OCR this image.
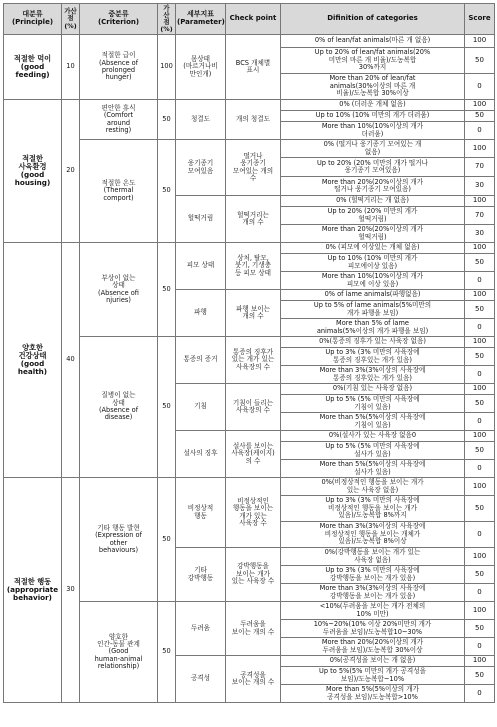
대분류
(Principle)	가산
점
(%)	중분류
(Criterion)	가
산
점
(%)	세부지표
(Parameter)	Check point	Difinition of categories	Score
적절한 먹이
(good
feeding)	10	적절한 급이
(Absence of
prolonged
hunger)	100	몸상태
(마르거나비
만인개)	BCS 개체별
표시	0% of lean/fat animals(마른 개 없음)	100
						Up to 20% of lean/fat animals(20%
미만의 마른 개 비율)/도농복합
30%까지	50
						More than 20% of lean/fat
animals(30%이상의 마른 개
비율)/도농복합 30%이상	0
적절한
사육환경
(good
housing)	20	편안한 휴식
(Comfort
around
resting)	50	청결도	개의 청결도	0% (더러운 개체 없음)	100
						Up to 10% (10% 미만의 개가 더러움)	50
						More than 10%(10%이상의 개가
더러움)	0
		적절한 온도
(Thermal
comport)	50	웅기종기
모여있음	떨거나
웅기종기
모여있는 개의
수	0% (떨거나 웅기종기 모여있는 개
없음)	100
						Up to 20% (20% 미만의 개가 떨거나
웅기종기 모여있음)	70
						More than 20%(20%이상의 개가
떨거나 웅기종기 모여있음)	30
				헐떡거림	헐떡거리는
개의 수	0% (헐떡거리는 개 없음)	100
						Up to 20% (20% 미만의 개가
헐떡거림)	70
						More than 20%(20%이상의 개가
헐떡거림)	30
양호한
건강상태
(good
health)	40	부상이 없는
상태
(Absence ofi
njuries)	50	피모 상태	상처, 탈모,
붓기, 기생충
등 피모 상태	0% (피모에 이상있는 개체 없음)	100
						Up to 10% (10% 미만의 개가
피모에이상 있음)	50
						More than 10%(10%이상의 개가
피모에 이상 있음)	0
				파행	파행 보이는
개의 수	0% of lame animals(파행없음)	100
						Up to 5% of lame animals(5%미만의
개가 파행을 보임)	50
						More than 5% of lame
animals(5%이상의 개가 파행을 보임)	0
		질병이 없는
상태
(Absence of
disease)	50	통증의 증거	통증의 징후가
있는 개가 있는
사육장의 수	0%(통증의 징후가 있는 사육장 없음)	100
						Up to 3% (3% 미만의 사육장에
통증의 징후있는 개가 있음)	50
						More than 3%(3%이상의 사육장에
통증의 징후있는 개가 있음)	0
				기침	기침이 들리는
사육장의 수	0%(기침 있는 사육장 없음)	100
						Up to 5% (5% 미만의 사육장에
기침이 있음)	50
						More than 5%(5%이상의 사육장에
기침이 있음)	0
				설사의 징후	설사를 보이는
사육장(케이지)
의 수	0%(설사가 있는 사육장 없음0	100
						Up to 5% (5% 미만의 사육장에
설사가 있음)	50
						More than 5%(5%이상의 사육장에
설사가 있음)	0
적절한 행동
(appropriate
behavior)	30	기타 행동 발현
(Expression of
other
behaviours)	50	비정상적
행동	비정상적인
행동을 보이는
개가 있는
사육장 수	0%(비정상적인 행동을 보이는 개가
있는 사육장 없음)	100
						Up to 3% (3% 미만의 사육장에
비정상적인 행동을 보이는 개가
있음)/도농복합 8%까지	50
						More than 3%(3%이상의 사육장에
비정상적인 행동을 보이는 개체가
있음)/도농복합 8%이상	0
				기타
강박행동	강박행동을
보이는 개가
있는 사육장 수	0%(강박행동을 보이는 개가 있는
사육장 없음)	100
						Up to 3% (3% 미만의 사육장에
강박행동을 보이는 개가 있음)	50
						More than 3%(3%이상의 사육장에
강박행동을 보이는 개가 있음)	0
		양호한
인간-동물 관계
(Good
human-animal
relationship)	50	두려움	두려움을
보이는 개의 수	<10%(두려움을 보이는 개가 전체의
10% 미만)	100
						10%~20%(10% 이상 20%미만의 개가
두려움을 보임)/도농복합10~30%	50
						More than 20%(20%이상의 개가
두려움을 보임)/도농복합 30%이상	0
				공격성	공격성을
보이는 개의 수	0%(공격성을 보이는 개 없음)	100
						Up to 5%(5% 미만의 개가 공격성을
보임)/도농복합~10%	50
						More than 5%(5%이상의 개가
공격성을 보임)/도농복합>10%	0
